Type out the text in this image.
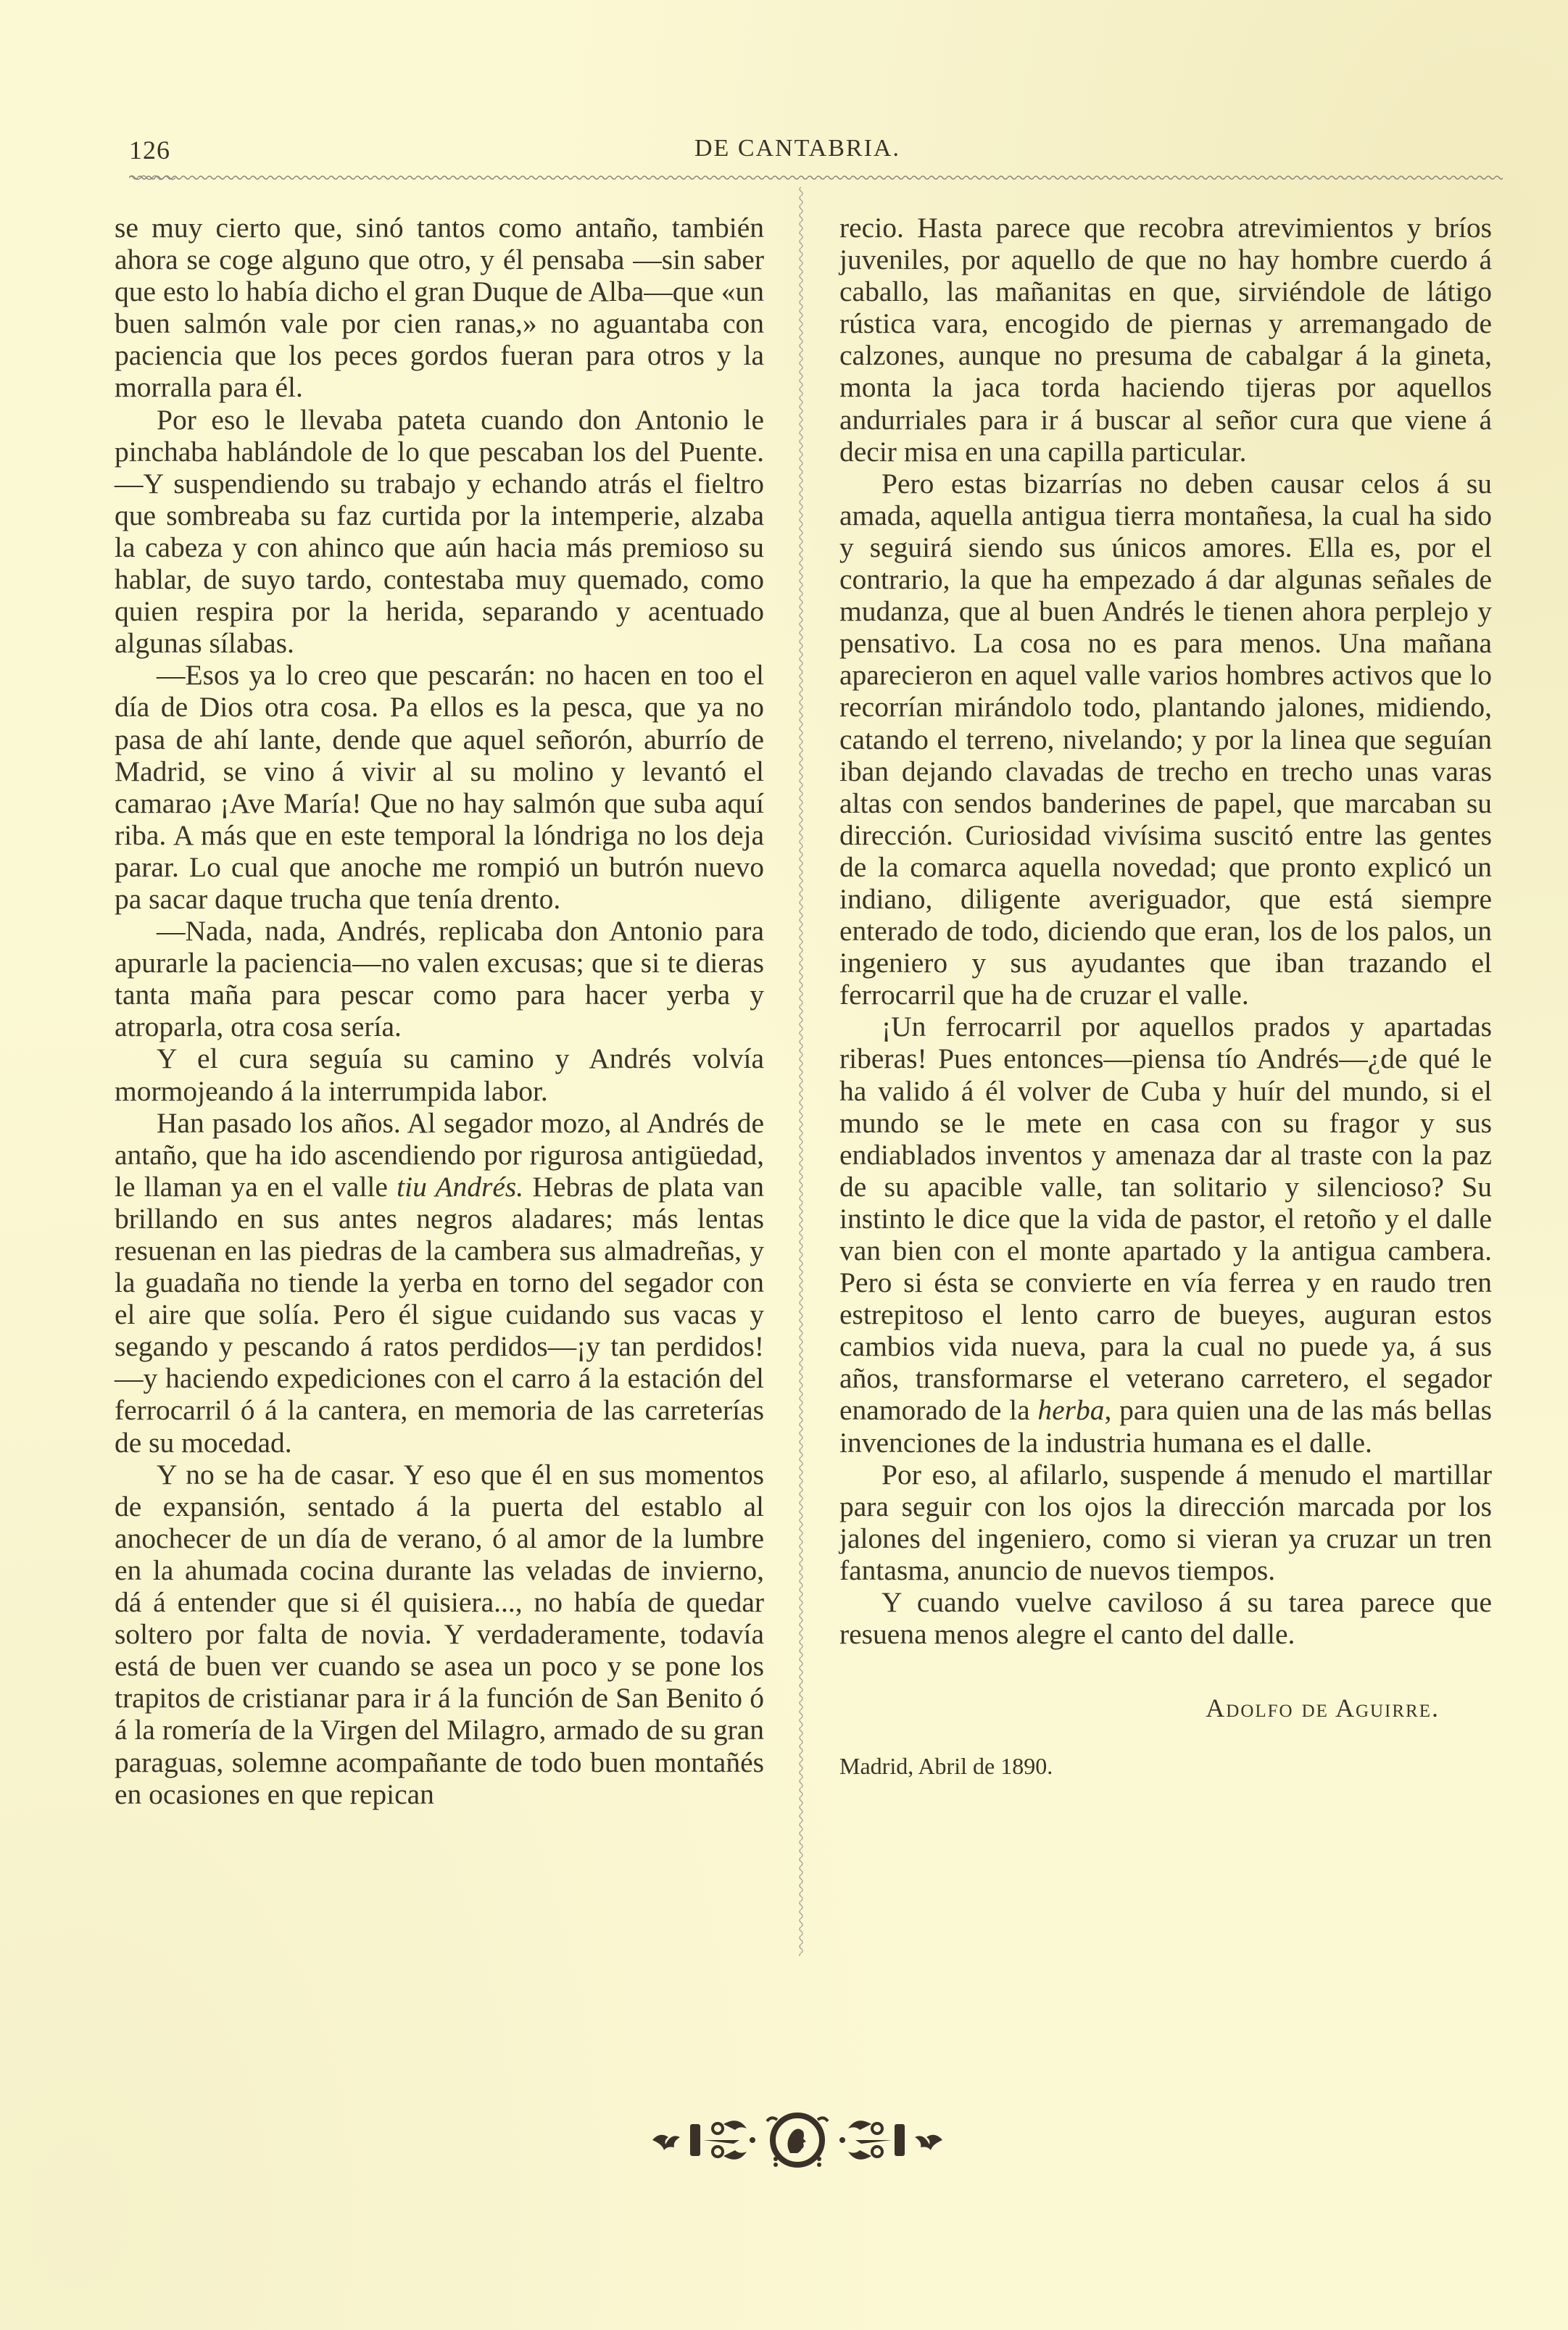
126	DE CANTABRIA.

se muy cierto que, sinó tantos como antaño, también ahora se coge alguno que otro, y él pensaba —sin saber que esto lo había dicho el gran Duque de Alba—que «un buen salmón vale por cien ranas,» no aguantaba con paciencia que los peces gordos fueran para otros y la morralla para él.

Por eso le llevaba pateta cuando don Antonio le pinchaba hablándole de lo que pescaban los del Puente.—Y suspendiendo su trabajo y echando atrás el fieltro que sombreaba su faz curtida por la intemperie, alzaba la cabeza y con ahinco que aún hacia más premioso su hablar, de suyo tardo, contestaba muy quemado, como quien respira por la herida, separando y acentuado algunas sílabas.

—Esos ya lo creo que pescarán: no hacen en too el día de Dios otra cosa. Pa ellos es la pesca, que ya no pasa de ahí lante, dende que aquel señorón, aburrío de Madrid, se vino á vivir al su molino y levantó el camarao ¡Ave María! Que no hay salmón que suba aquí riba. A más que en este temporal la lóndriga no los deja parar. Lo cual que anoche me rompió un butrón nuevo pa sacar daque trucha que tenía drento.

—Nada, nada, Andrés, replicaba don Antonio para apurarle la paciencia—no valen excusas; que si te dieras tanta maña para pescar como para hacer yerba y atroparla, otra cosa sería.

Y el cura seguía su camino y Andrés volvía mormojeando á la interrumpida labor.

Han pasado los años. Al segador mozo, al Andrés de antaño, que ha ido ascendiendo por rigurosa antigüedad, le llaman ya en el valle tiu Andrés. Hebras de plata van brillando en sus antes negros aladares; más lentas resuenan en las piedras de la cambera sus almadreñas, y la guadaña no tiende la yerba en torno del segador con el aire que solía. Pero él sigue cuidando sus vacas y segando y pescando á ratos perdidos—¡y tan perdidos!—y haciendo expediciones con el carro á la estación del ferrocarril ó á la cantera, en memoria de las carreterías de su mocedad.

Y no se ha de casar. Y eso que él en sus momentos de expansión, sentado á la puerta del establo al anochecer de un día de verano, ó al amor de la lumbre en la ahumada cocina durante las veladas de invierno, dá á entender que si él quisiera..., no había de quedar soltero por falta de novia. Y verdaderamente, todavía está de buen ver cuando se asea un poco y se pone los trapitos de cristianar para ir á la función de San Benito ó á la romería de la Virgen del Milagro, armado de su gran paraguas, solemne acompañante de todo buen montañés en ocasiones en que repican

recio. Hasta parece que recobra atrevimientos y bríos juveniles, por aquello de que no hay hombre cuerdo á caballo, las mañanitas en que, sirviéndole de látigo rústica vara, encogido de piernas y arremangado de calzones, aunque no presuma de cabalgar á la gineta, monta la jaca torda haciendo tijeras por aquellos andurriales para ir á buscar al señor cura que viene á decir misa en una capilla particular.

Pero estas bizarrías no deben causar celos á su amada, aquella antigua tierra montañesa, la cual ha sido y seguirá siendo sus únicos amores. Ella es, por el contrario, la que ha empezado á dar algunas señales de mudanza, que al buen Andrés le tienen ahora perplejo y pensativo. La cosa no es para menos. Una mañana aparecieron en aquel valle varios hombres activos que lo recorrían mirándolo todo, plantando jalones, midiendo, catando el terreno, nivelando; y por la linea que seguían iban dejando clavadas de trecho en trecho unas varas altas con sendos banderines de papel, que marcaban su dirección. Curiosidad vivísima suscitó entre las gentes de la comarca aquella novedad; que pronto explicó un indiano, diligente averiguador, que está siempre enterado de todo, diciendo que eran, los de los palos, un ingeniero y sus ayudantes que iban trazando el ferrocarril que ha de cruzar el valle.

¡Un ferrocarril por aquellos prados y apartadas riberas! Pues entonces—piensa tío Andrés—¿de qué le ha valido á él volver de Cuba y huír del mundo, si el mundo se le mete en casa con su fragor y sus endiablados inventos y amenaza dar al traste con la paz de su apacible valle, tan solitario y silencioso? Su instinto le dice que la vida de pastor, el retoño y el dalle van bien con el monte apartado y la antigua cambera. Pero si ésta se convierte en vía ferrea y en raudo tren estrepitoso el lento carro de bueyes, auguran estos cambios vida nueva, para la cual no puede ya, á sus años, transformarse el veterano carretero, el segador enamorado de la herba, para quien una de las más bellas invenciones de la industria humana es el dalle.

Por eso, al afilarlo, suspende á menudo el martillar para seguir con los ojos la dirección marcada por los jalones del ingeniero, como si vieran ya cruzar un tren fantasma, anuncio de nuevos tiempos.

Y cuando vuelve caviloso á su tarea parece que resuena menos alegre el canto del dalle.

Adolfo de Aguirre.

Madrid, Abril de 1890.
